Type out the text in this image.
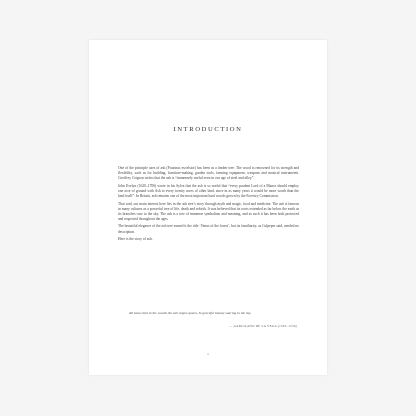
INTRODUCTION

One of the principle uses of ash (Fraxinus excelsior) has been as a timber tree. The wood is renowned for its strength and flexibility, such as for building, furniture-making, garden tools, farming equipment, weapons and musical instruments. Geoffrey Grigson writes that the ash is “immensely useful even in our age of steel and alloy”.

John Evelyn (1620–1706) wrote in his Sylva that the ash is so useful that “every prudent Lord of a Manor should employ one acre of ground with Ash to every twenty acres of other land, since in as many years it would be more worth than the land itself”. In Britain, ash remains one of the most important hard woods grown by the Forestry Commission.

That said, our main interest here lies in the ash tree’s story through myth and magic, food and medicine. The ash is famous in many cultures as a powerful tree of life, death and rebirth. It was believed that its roots extended as far below the earth as its branches rose to the sky. The ash is a tree of immense symbolism and meaning, and as such it has been both protected and respected throughout the ages.

The beautiful elegance of the ash tree earned it the title ‘Venus of the forest’, but its familiarity, as Culpeper said, needed no description.

Here is the story of ash.

All know that in the woods the ash reigns queen, In graceful beauty soaring to the sky.
— GARCILANO DE LA VEGA (1503–1536)
1
